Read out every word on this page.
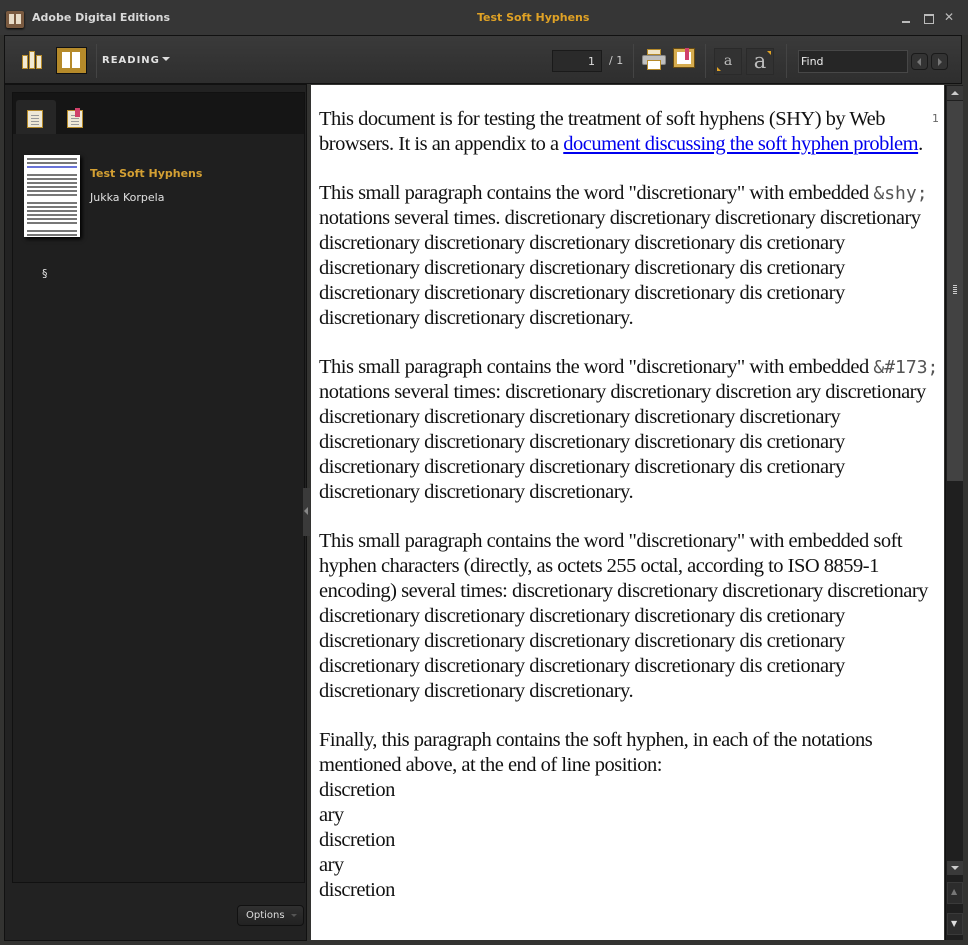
Adobe Digital Editions	Test Soft Hyphens	✕
READING
1	/ 1	a	a
Find
Test Soft Hyphens
Jukka Korpela
§
Options
1

This document is for testing the treatment of soft hyphens (SHY) by Web browsers. It is an appendix to a document discussing the soft hyphen problem.

This small paragraph contains the word "discretionary" with embedded &shy; notations several times. discretionary discretionary discretionary discretionary discretionary discretionary discretionary discretionary dis cretionary discretionary discretionary discretionary discretionary dis cretionary discretionary discretionary discretionary discretionary dis cretionary discretionary discretionary discretionary.

This small paragraph contains the word "discretionary" with embedded &#173; notations several times: discretionary discretionary discretion ary discretionary discretionary discretionary discretionary discretionary discretionary discretionary discretionary discretionary discretionary dis cretionary discretionary discretionary discretionary discretionary dis cretionary discretionary discretionary discretionary.

This small paragraph contains the word "discretionary" with embedded soft hyphen characters (directly, as octets 255 octal, according to ISO 8859-1 encoding) several times: discretionary discretionary discretionary discretionary discretionary discretionary discretionary discretionary dis cretionary discretionary discretionary discretionary discretionary dis cretionary discretionary discretionary discretionary discretionary dis cretionary discretionary discretionary discretionary.

Finally, this paragraph contains the soft hyphen, in each of the notations mentioned above, at the end of line position:
discretion
ary
discretion
ary
discretion

▲
▼
